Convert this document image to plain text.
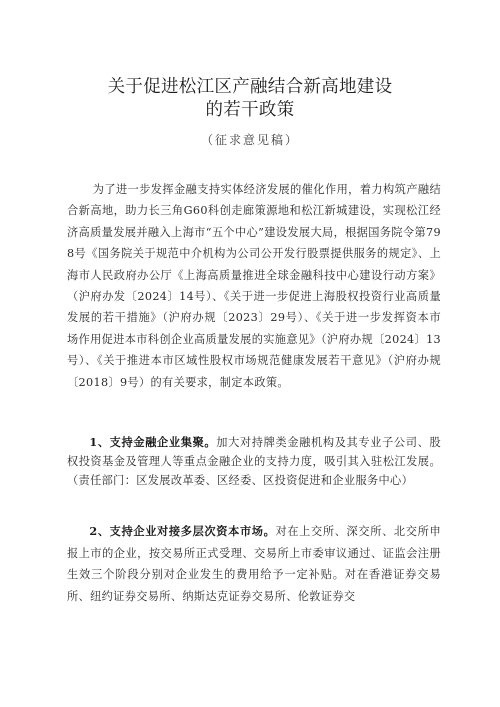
关于促进松江区产融结合新高地建设
的若干政策
（征求意见稿）

为了进一步发挥金融支持实体经济发展的催化作用，着力构筑产融结合新高地，助力长三角G60科创走廊策源地和松江新城建设，实现松江经济高质量发展并融入上海市“五个中心”建设发展大局，根据国务院令第798号《国务院关于规范中介机构为公司公开发行股票提供服务的规定》、上海市人民政府办公厅《上海高质量推进全球金融科技中心建设行动方案》（沪府办发〔2024〕14号）、《关于进一步促进上海股权投资行业高质量发展的若干措施》（沪府办规〔2023〕29号）、《关于进一步发挥资本市场作用促进本市科创企业高质量发展的实施意见》（沪府办规〔2024〕13号）、《关于推进本市区域性股权市场规范健康发展若干意见》（沪府办规〔2018〕9号）的有关要求，制定本政策。

1、支持金融企业集聚。加大对持牌类金融机构及其专业子公司、股权投资基金及管理人等重点金融企业的支持力度，吸引其入驻松江发展。（责任部门：区发展改革委、区经委、区投资促进和企业服务中心）

2、支持企业对接多层次资本市场。对在上交所、深交所、北交所申报上市的企业，按交易所正式受理、交易所上市委审议通过、证监会注册生效三个阶段分别对企业发生的费用给予一定补贴。对在香港证券交易所、纽约证券交易所、纳斯达克证券交易所、伦敦证券交
